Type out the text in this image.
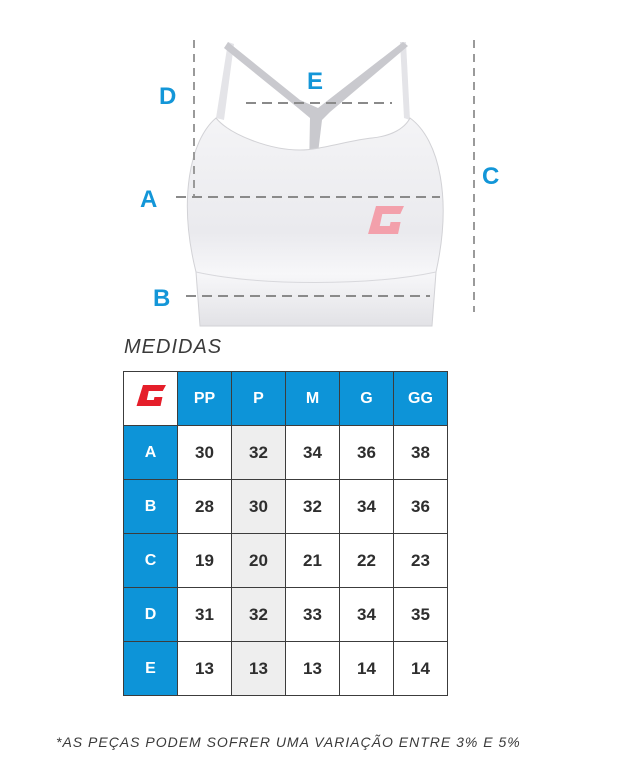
D
E
C
A
B
MEDIDAS
	PP	P	M	G	GG
A	30	32	34	36	38
B	28	30	32	34	36
C	19	20	21	22	23
D	31	32	33	34	35
E	13	13	13	14	14
*AS PEÇAS PODEM SOFRER UMA VARIAÇÃO ENTRE 3% E 5%
